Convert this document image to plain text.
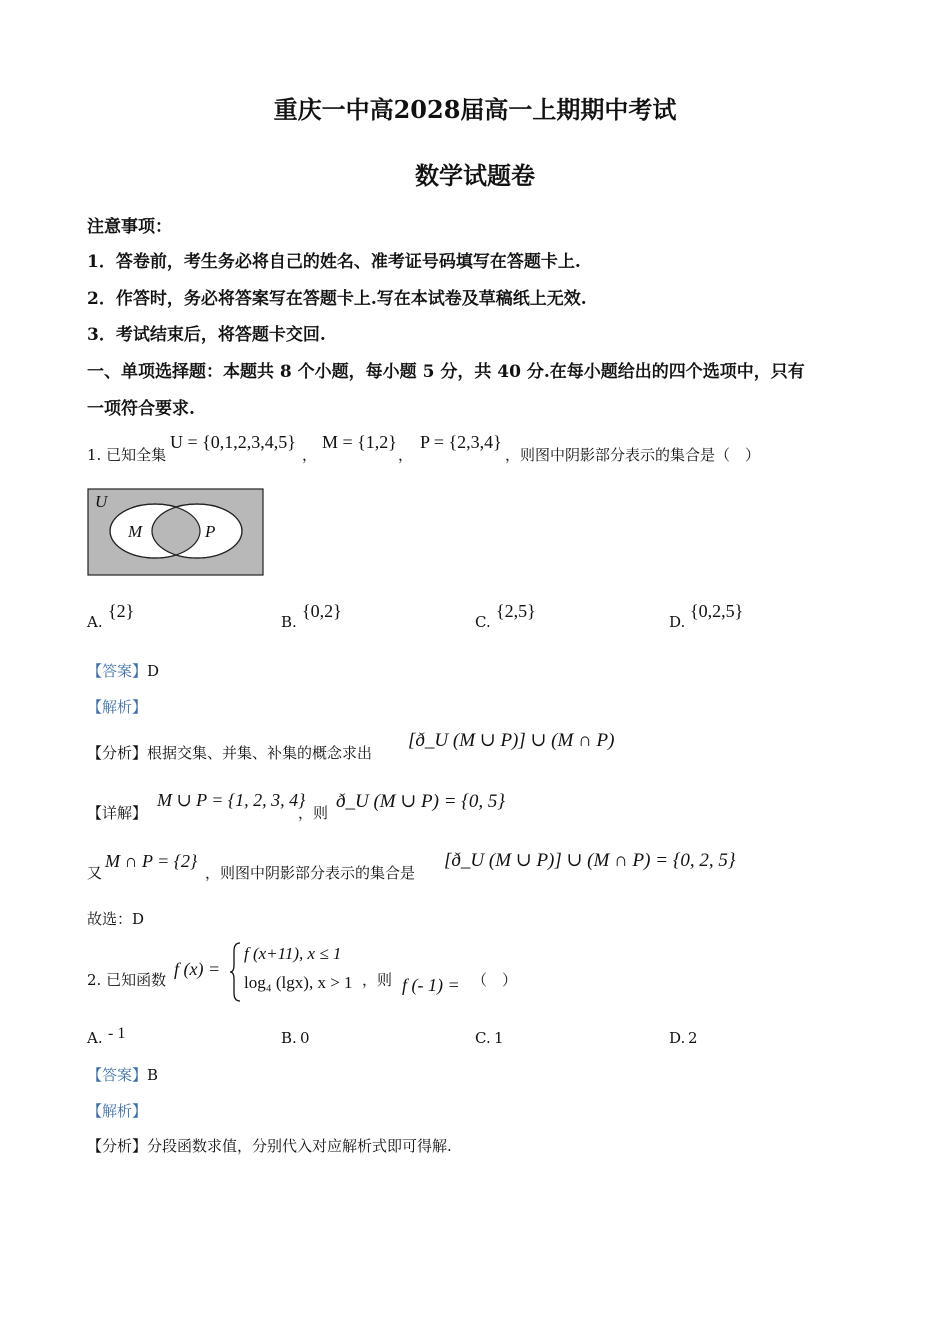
重庆一中高2028届高一上期期中考试
数学试题卷
注意事项：
1．答卷前，考生务必将自己的姓名、准考证号码填写在答题卡上.
2．作答时，务必将答案写在答题卡上.写在本试卷及草稿纸上无效.
3．考试结束后，将答题卡交回.
一、单项选择题：本题共 8 个小题，每小题 5 分，共 40 分.在每小题给出的四个选项中，只有
一项符合要求.
1. 已知全集
U = {0,1,2,3,4,5}
，
M = {1,2}
，
P = {2,3,4}
，则图中阴影部分表示的集合是（　）
U
M	P
A.
{2}
B.
{0,2}
C.
{2,5}
D.
{0,2,5}
【答案】D
【解析】
【分析】根据交集、并集、补集的概念求出
[ð_U (M ∪ P)] ∪ (M ∩ P)
【详解】
M ∪ P = {1, 2, 3, 4}
，则
ð_U (M ∪ P) = {0, 5}
又
M ∩ P = {2}
，则图中阴影部分表示的集合是
[ð_U (M ∪ P)] ∪ (M ∩ P) = {0, 2, 5}
故选：D
2. 已知函数
f (x) =
f (x+11), x ≤ 1
log₄ (lgx), x > 1 ，则 f (- 1) = （　）
A. - 1	B. 0	C. 1	D. 2
【答案】B
【解析】
【分析】分段函数求值，分别代入对应解析式即可得解.
